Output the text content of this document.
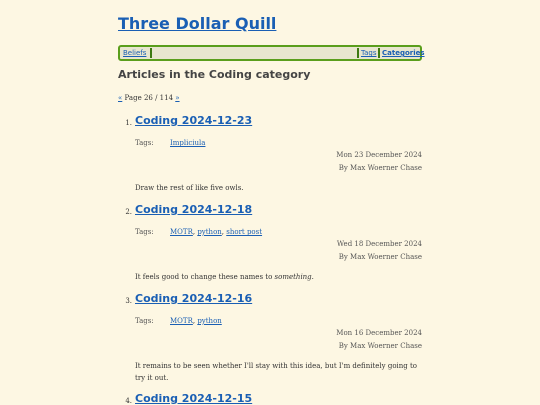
Three Dollar Quill
Beliefs	Tags Categories
Articles in the Coding category
« Page 26 / 114 »
1. Coding 2024-12-23
Tags: Impliciula
Mon 23 December 2024
By Max Woerner Chase
Draw the rest of like five owls.
2. Coding 2024-12-18
Tags: MOTR, python, short post
Wed 18 December 2024
By Max Woerner Chase
It feels good to change these names to something.
3. Coding 2024-12-16
Tags: MOTR, python
Mon 16 December 2024
By Max Woerner Chase
It remains to be seen whether I'll stay with this idea, but I'm definitely going to try it out.
4. Coding 2024-12-15
